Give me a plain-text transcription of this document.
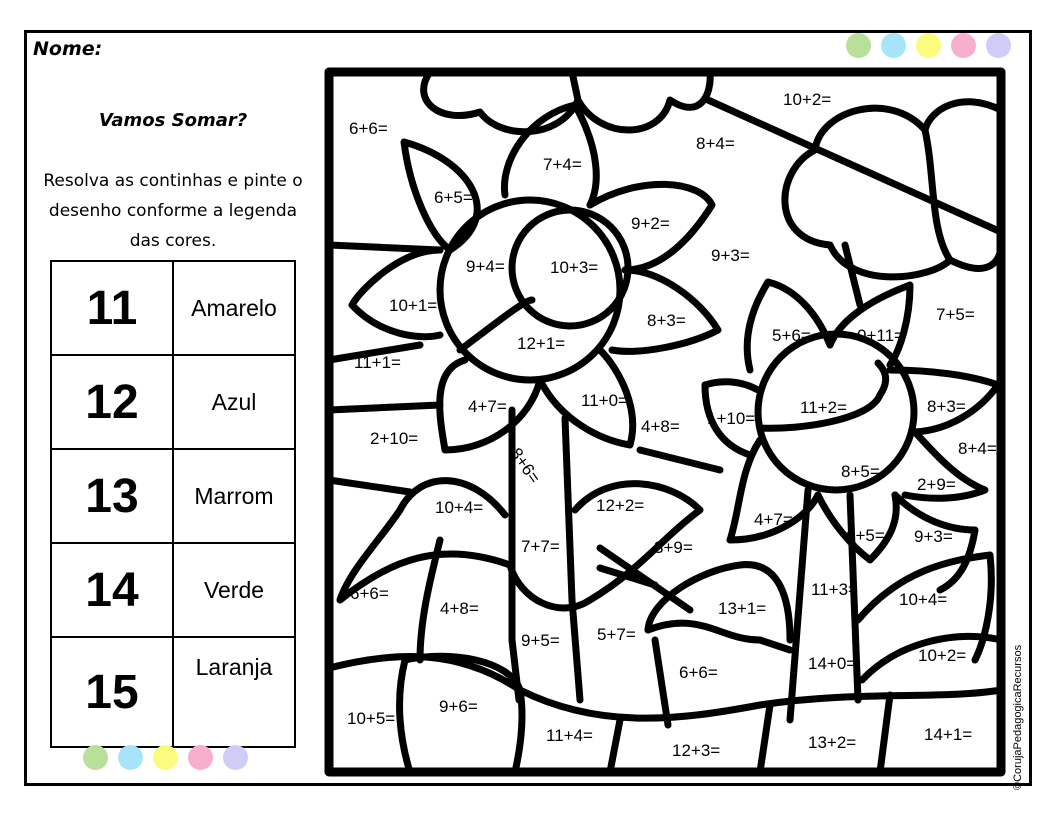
Nome:
Vamos Somar?
Resolva as continhas e pinte o desenho conforme a legenda das cores.
11	Amarelo
12	Azul
13	Marrom
14	Verde
15	Laranja
6+6=
7+4=
10+2=
8+4=
6+5=
9+2=
9+4=	10+3=
9+3=
10+1=
8+3=
5+6=	0+11=
7+5=
11+1=
12+1=
11+0=
4+7=	11+2=	8+3=
1+10=
4+8=
2+10=
8+6=	8+4=
8+5=
2+9=
10+4=	12+2=
4+7=
7+7=	3+9=
6+5= 9+3=
6+6=
4+8=
11+3=
13+1=	10+4=
9+5= 5+7=
14+0=	10+2=
6+6=
9+6=
10+5=
11+4=
12+3=	13+2=	14+1=	©CorujaPedagogicaRecursos
